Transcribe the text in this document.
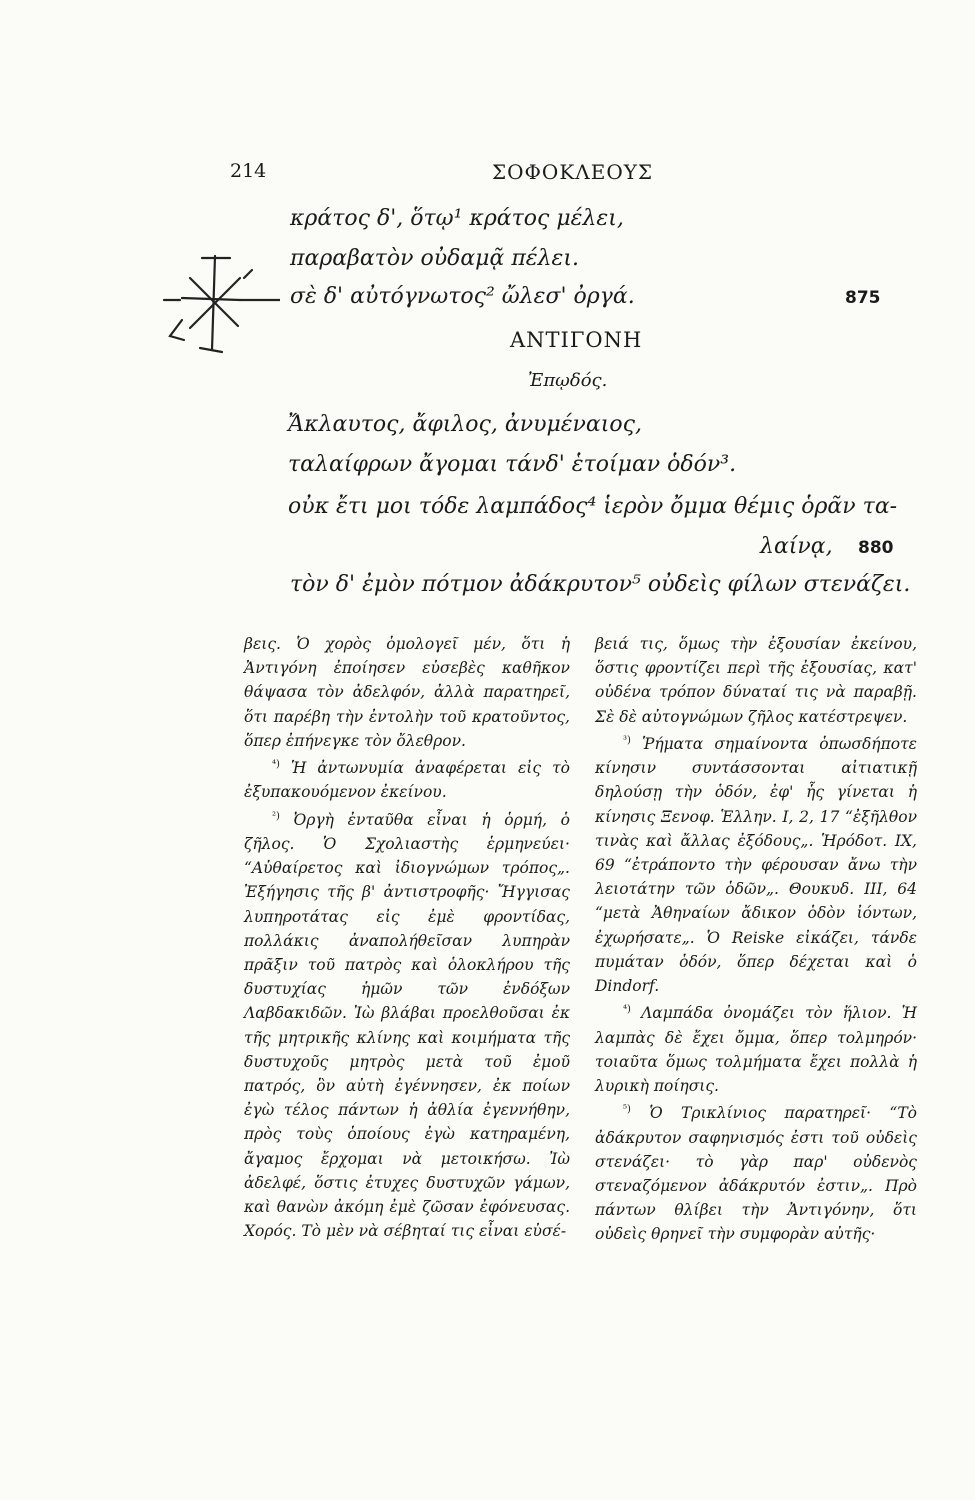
214	ΣΟΦΟΚΛΕΟΥΣ
κράτος δ', ὅτῳ¹ κράτος μέλει,
παραβατὸν οὐδαμᾷ πέλει.
σὲ δ' αὐτόγνωτος² ὤλεσ' ὀργά.	875
ΑΝΤΙΓΟΝΗ
Ἐπῳδός.
Ἄκλαυτος, ἄφιλος, ἀνυμέναιος,
ταλαίφρων ἄγομαι τάνδ' ἑτοίμαν ὁδόν³.
οὐκ ἔτι μοι τόδε λαμπάδος⁴ ἱερὸν ὄμμα θέμις ὁρᾶν τα-
λαίνᾳ, 880
τὸν δ' ἐμὸν πότμον ἀδάκρυτον⁵ οὐδεὶς φίλων στενάζει.

βεις. Ὁ χορὸς ὁμολογεῖ μέν, ὅτι ἡ Ἀντιγόνη ἐποίησεν εὐσεβὲς καθῆκον θάψασα τὸν ἀδελφόν, ἀλλὰ παρατηρεῖ, ὅτι παρέβη τὴν ἐντολὴν τοῦ κρατοῦντος, ὅπερ ἐπήνεγκε τὸν ὄλεθρον.

$^{^4)}$ Ἡ ἀντωνυμία ἀναφέρεται εἰς τὸ ἐξυπακουόμενον ἐκείνου.

$^{^2)}$ Ὀργὴ ἐνταῦθα εἶναι ἡ ὁρμή, ὁ ζῆλος. Ὁ Σχολιαστὴς ἑρμηνεύει· “Αὐθαίρετος καὶ ἰδιογνώμων τρόπος„. Ἐξήγησις τῆς β' ἀντιστροφῆς· Ἤγγισας λυπηροτάτας εἰς ἐμὲ φροντίδας, πολλάκις ἀναπολήθεῖσαν λυπηρὰν πρᾶξιν τοῦ πατρὸς καὶ ὁλοκλήρου τῆς δυστυχίας ἡμῶν τῶν ἐνδόξων Λαβδακιδῶν. Ἰὼ βλάβαι προελθοῦσαι ἐκ τῆς μητρικῆς κλίνης καὶ κοιμήματα τῆς δυστυχοῦς μητρὸς μετὰ τοῦ ἐμοῦ πατρός, ὃν αὐτὴ ἐγέννησεν, ἐκ ποίων ἐγὼ τέλος πάντων ἡ ἀθλία ἐγεννήθην, πρὸς τοὺς ὁποίους ἐγὼ κατηραμένη, ἄγαμος ἔρχομαι νὰ μετοικήσω. Ἰὼ ἀδελφέ, ὅστις ἐτυχες δυστυχῶν γάμων, καὶ θανὼν ἀκόμη ἐμὲ ζῶσαν ἐφόνευσας. Χορός. Τὸ μὲν νὰ σέβηταί τις εἶναι εὐσέ-

βειά τις, ὅμως τὴν ἐξουσίαν ἐκείνου, ὅστις φροντίζει περὶ τῆς ἐξουσίας, κατ' οὐδένα τρόπον δύναταί τις νὰ παραβῇ. Σὲ δὲ αὐτογνώμων ζῆλος κατέστρεψεν.

$^{^3)}$ Ῥήματα σημαίνοντα ὁπωσδήποτε κίνησιν συντάσσονται αἰτιατικῇ δηλούσῃ τὴν ὁδόν, ἐφ' ἧς γίνεται ἡ κίνησις Ξενοφ. Ἑλλην. I, 2, 17 “ἐξῆλθον τινὰς καὶ ἄλλας ἐξόδους„. Ἡρόδοτ. IX, 69 “ἐτράποντο τὴν φέρουσαν ἄνω τὴν λειοτάτην τῶν ὁδῶν„. Θουκυδ. III, 64 “μετὰ Ἀθηναίων ἄδικον ὁδὸν ἰόντων, ἐχωρήσατε„. Ὁ Reiske εἰκάζει, τάνδε πυμάταν ὁδόν, ὅπερ δέχεται καὶ ὁ Dindorf.

$^{^4)}$ Λαμπάδα ὀνομάζει τὸν ἥλιον. Ἡ λαμπὰς δὲ ἔχει ὄμμα, ὅπερ τολμηρόν· τοιαῦτα ὅμως τολμήματα ἔχει πολλὰ ἡ λυρικὴ ποίησις.

$^{^5)}$ Ὁ Τρικλίνιος παρατηρεῖ· “Τὸ ἀδάκρυτον σαφηνισμός ἐστι τοῦ οὐδεὶς στενάζει· τὸ γὰρ παρ' οὐδενὸς στεναζόμενον ἀδάκρυτόν ἐστιν„. Πρὸ πάντων θλίβει τὴν Ἀντιγόνην, ὅτι οὐδεὶς θρηνεῖ τὴν συμφορὰν αὐτῆς·
